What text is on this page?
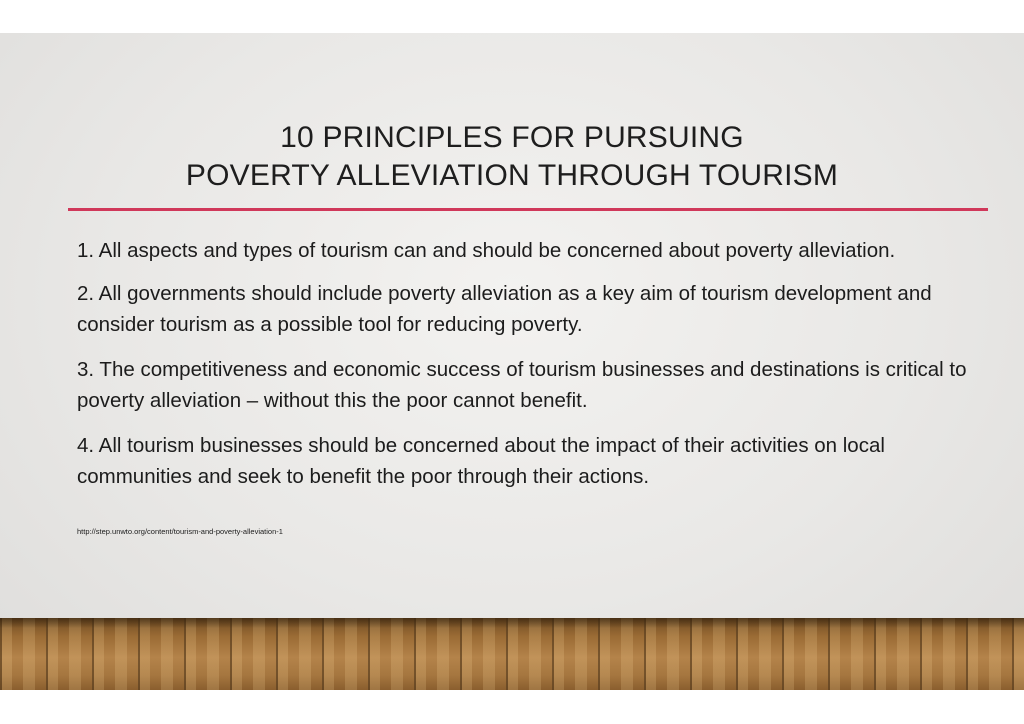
10 PRINCIPLES FOR PURSUING
POVERTY ALLEVIATION THROUGH TOURISM
1. All aspects and types of tourism can and should be concerned about poverty alleviation.
2. All governments should include poverty alleviation as a key aim of tourism development and consider tourism as a possible tool for reducing poverty.
3. The competitiveness and economic success of tourism businesses and destinations is critical to poverty alleviation – without this the poor cannot benefit.
4. All tourism businesses should be concerned about the impact of their activities on local communities and seek to benefit the poor through their actions.
http://step.unwto.org/content/tourism-and-poverty-alleviation-1
